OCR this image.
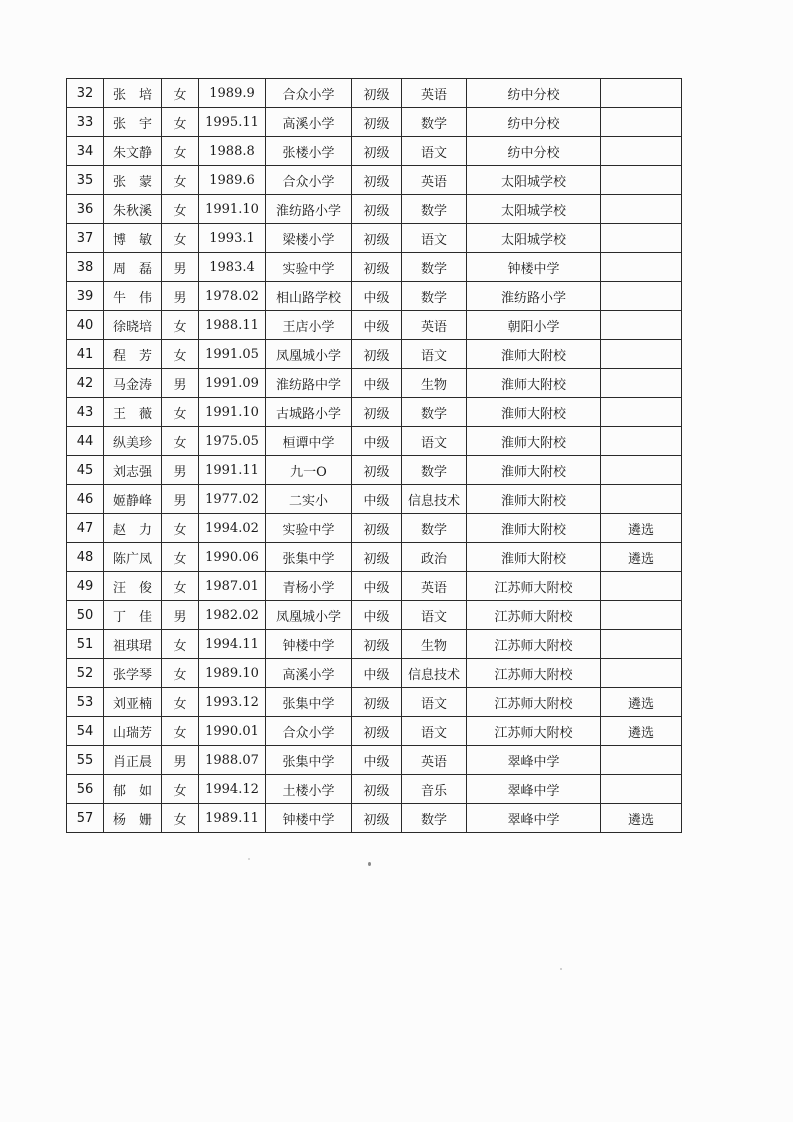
32	张　培	女	1989.9	合众小学	初级	英语	纺中分校	
33	张　宇	女	1995.11	高溪小学	初级	数学	纺中分校	
34	朱文静	女	1988.8	张楼小学	初级	语文	纺中分校	
35	张　蒙	女	1989.6	合众小学	初级	英语	太阳城学校	
36	朱秋溪	女	1991.10	淮纺路小学	初级	数学	太阳城学校	
37	博　敏	女	1993.1	梁楼小学	初级	语文	太阳城学校	
38	周　磊	男	1983.4	实验中学	初级	数学	钟楼中学	
39	牛　伟	男	1978.02	相山路学校	中级	数学	淮纺路小学	
40	徐晓培	女	1988.11	王店小学	中级	英语	朝阳小学	
41	程　芳	女	1991.05	凤凰城小学	初级	语文	淮师大附校	
42	马金涛	男	1991.09	淮纺路中学	中级	生物	淮师大附校	
43	王　薇	女	1991.10	古城路小学	初级	数学	淮师大附校	
44	纵美珍	女	1975.05	桓谭中学	中级	语文	淮师大附校	
45	刘志强	男	1991.11	九一O	初级	数学	淮师大附校	
46	姬静峰	男	1977.02	二实小	中级	信息技术	淮师大附校	
47	赵　力	女	1994.02	实验中学	初级	数学	淮师大附校	遴选
48	陈广凤	女	1990.06	张集中学	初级	政治	淮师大附校	遴选
49	汪　俊	女	1987.01	青杨小学	中级	英语	江苏师大附校	
50	丁　佳	男	1982.02	凤凰城小学	中级	语文	江苏师大附校	
51	祖琪珺	女	1994.11	钟楼中学	初级	生物	江苏师大附校	
52	张学琴	女	1989.10	高溪小学	中级	信息技术	江苏师大附校	
53	刘亚楠	女	1993.12	张集中学	初级	语文	江苏师大附校	遴选
54	山瑞芳	女	1990.01	合众小学	初级	语文	江苏师大附校	遴选
55	肖正晨	男	1988.07	张集中学	中级	英语	翠峰中学	
56	郁　如	女	1994.12	土楼小学	初级	音乐	翠峰中学	
57	杨　姗	女	1989.11	钟楼中学	初级	数学	翠峰中学	遴选
